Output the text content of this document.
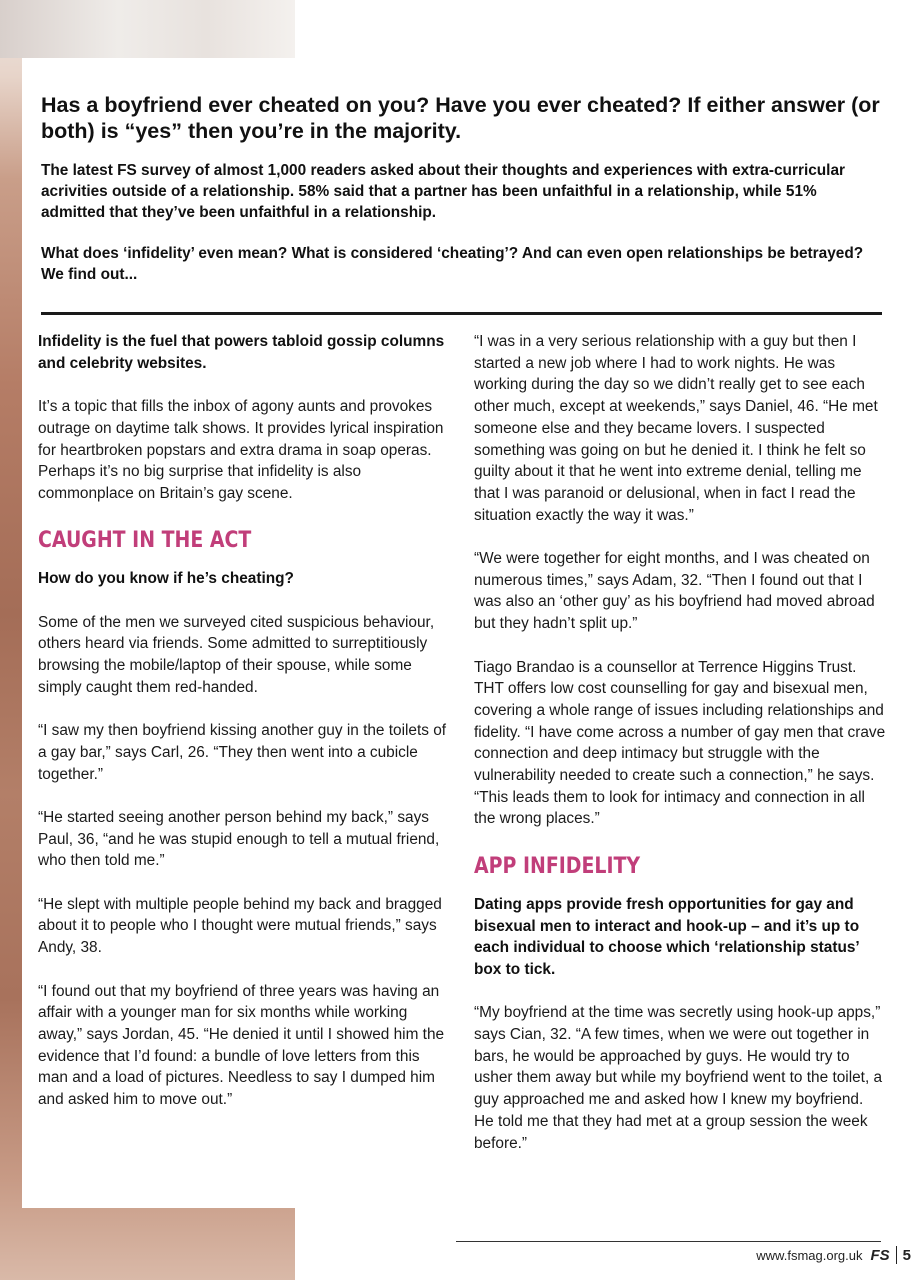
Has a boyfriend ever cheated on you? Have you ever cheated? If either answer (or both) is “yes” then you’re in the majority.

The latest FS survey of almost 1,000 readers asked about their thoughts and experiences with extra-curricular acrivities outside of a relationship. 58% said that a partner has been unfaithful in a relationship, while 51% admitted that they’ve been unfaithful in a relationship.

What does ‘infidelity’ even mean? What is considered ‘cheating’? And can even open relationships be betrayed? We find out...

Infidelity is the fuel that powers tabloid gossip columns and celebrity websites.

It’s a topic that fills the inbox of agony aunts and provokes outrage on daytime talk shows. It provides lyrical inspiration for heartbroken popstars and extra drama in soap operas. Perhaps it’s no big surprise that infidelity is also commonplace on Britain’s gay scene.

CAUGHT IN THE ACT

How do you know if he’s cheating?

Some of the men we surveyed cited suspicious behaviour, others heard via friends. Some admitted to surreptitiously browsing the mobile/laptop of their spouse, while some simply caught them red-handed.

“I saw my then boyfriend kissing another guy in the toilets of a gay bar,” says Carl, 26. “They then went into a cubicle together.”

“He started seeing another person behind my back,” says Paul, 36, “and he was stupid enough to tell a mutual friend, who then told me.”

“He slept with multiple people behind my back and bragged about it to people who I thought were mutual friends,” says Andy, 38.

“I found out that my boyfriend of three years was having an affair with a younger man for six months while working away,” says Jordan, 45. “He denied it until I showed him the evidence that I’d found: a bundle of love letters from this man and a load of pictures. Needless to say I dumped him and asked him to move out.”

“I was in a very serious relationship with a guy but then I started a new job where I had to work nights. He was working during the day so we didn’t really get to see each other much, except at weekends,” says Daniel, 46. “He met someone else and they became lovers. I suspected something was going on but he denied it. I think he felt so guilty about it that he went into extreme denial, telling me that I was paranoid or delusional, when in fact I read the situation exactly the way it was.”

“We were together for eight months, and I was cheated on numerous times,” says Adam, 32. “Then I found out that I was also an ‘other guy’ as his boyfriend had moved abroad but they hadn’t split up.”

Tiago Brandao is a counsellor at Terrence Higgins Trust. THT offers low cost counselling for gay and bisexual men, covering a whole range of issues including relationships and fidelity. “I have come across a number of gay men that crave connection and deep intimacy but struggle with the vulnerability needed to create such a connection,” he says. “This leads them to look for intimacy and connection in all the wrong places.”

APP INFIDELITY

Dating apps provide fresh opportunities for gay and bisexual men to interact and hook-up – and it’s up to each individual to choose which ‘relationship status’ box to tick.

“My boyfriend at the time was secretly using hook-up apps,” says Cian, 32. “A few times, when we were out together in bars, he would be approached by guys. He would try to usher them away but while my boyfriend went to the toilet, a guy approached me and asked how I knew my boyfriend. He told me that they had met at a group session the week before.”

www.fsmag.org.uk FS 5
